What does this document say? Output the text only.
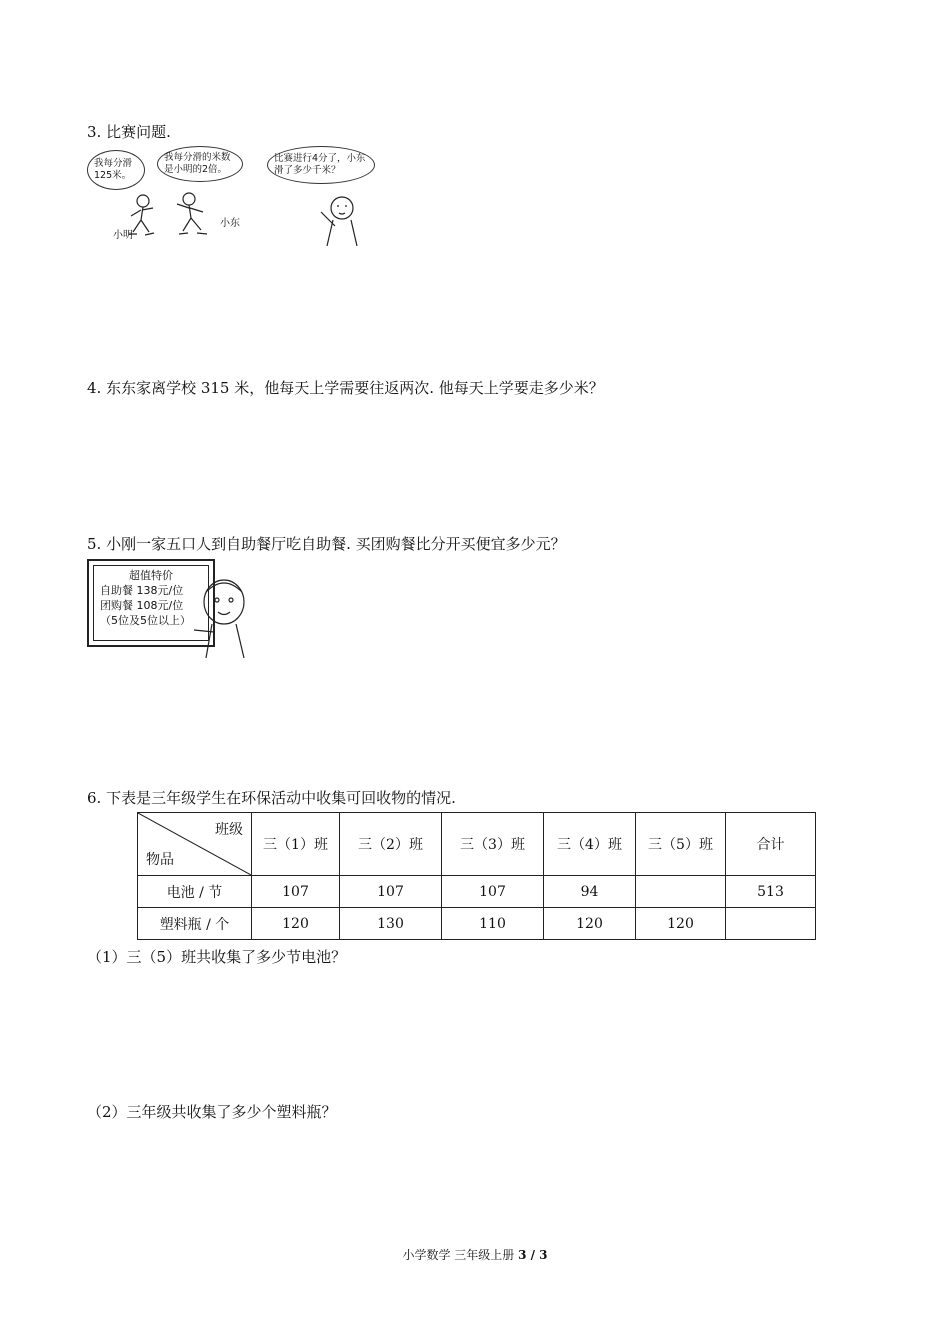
3. 比赛问题.
我每分滑125米。
我每分滑的米数是小明的2倍。
比赛进行4分了，小东滑了多少千米？
小明
小东
4. 东东家离学校 315 米，他每天上学需要往返两次. 他每天上学要走多少米？
5. 小刚一家五口人到自助餐厅吃自助餐. 买团购餐比分开买便宜多少元？
超值特价
自助餐 138元/位
团购餐 108元/位
（5位及5位以上）
6. 下表是三年级学生在环保活动中收集可回收物的情况.
班级
物品	三（1）班	三（2）班	三（3）班	三（4）班	三（5）班	合计
电池 / 节	107	107	107	94		513
塑料瓶 / 个	120	130	110	120	120	
（1）三（5）班共收集了多少节电池？
（2）三年级共收集了多少个塑料瓶？
小学数学 三年级上册 3 / 3
